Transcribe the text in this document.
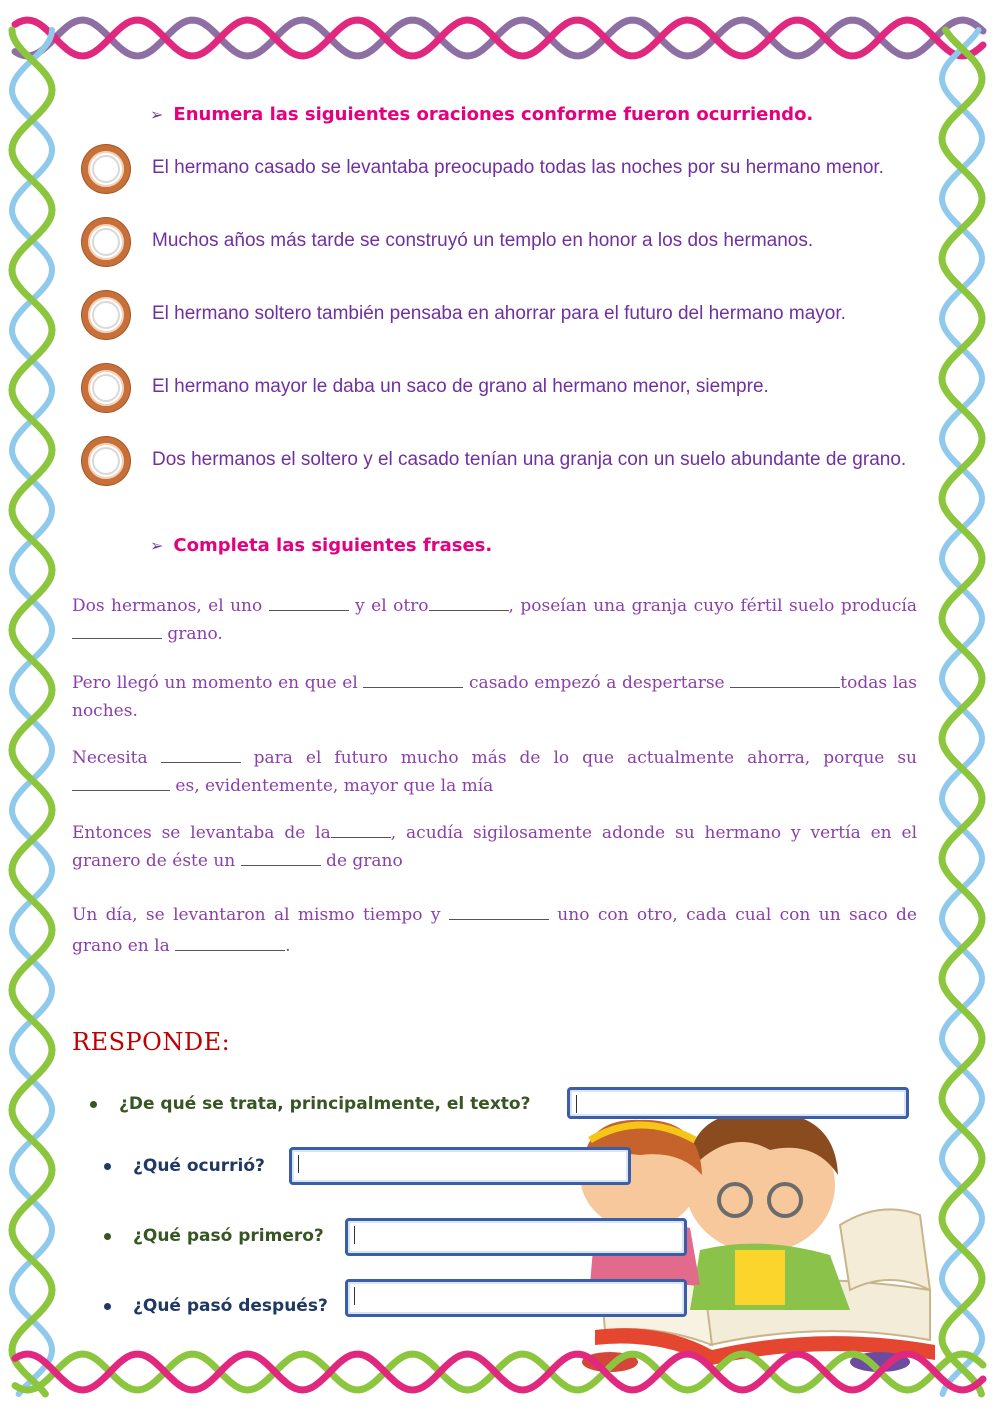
➢ Enumera las siguientes oraciones conforme fueron ocurriendo.
El hermano casado se levantaba preocupado todas las noches por su hermano menor.
Muchos años más tarde se construyó un templo en honor a los dos hermanos.
El hermano soltero también pensaba en ahorrar para el futuro del hermano mayor.
El hermano mayor le daba un saco de grano al hermano menor, siempre.
Dos hermanos el soltero y el casado tenían una granja con un suelo abundante de grano.
➢ Completa las siguientes frases.
Dos hermanos, el uno	y el otro	, poseían una granja cuyo fértil suelo producía  grano.
Pero llegó un momento en que el	casado empezó a despertarse	todas las noches.
Necesita	para el futuro mucho más de lo que actualmente ahorra, porque su  es, evidentemente, mayor que la mía
Entonces se levantaba de la	, acudía sigilosamente adonde su hermano y vertía en el granero de éste un	de grano
Un día, se levantaron al mismo tiempo y	uno con otro, cada cual con un saco de grano en la	.
RESPONDE:
¿De qué se trata, principalmente, el texto?
¿Qué ocurrió?
¿Qué pasó primero?
¿Qué pasó después?
